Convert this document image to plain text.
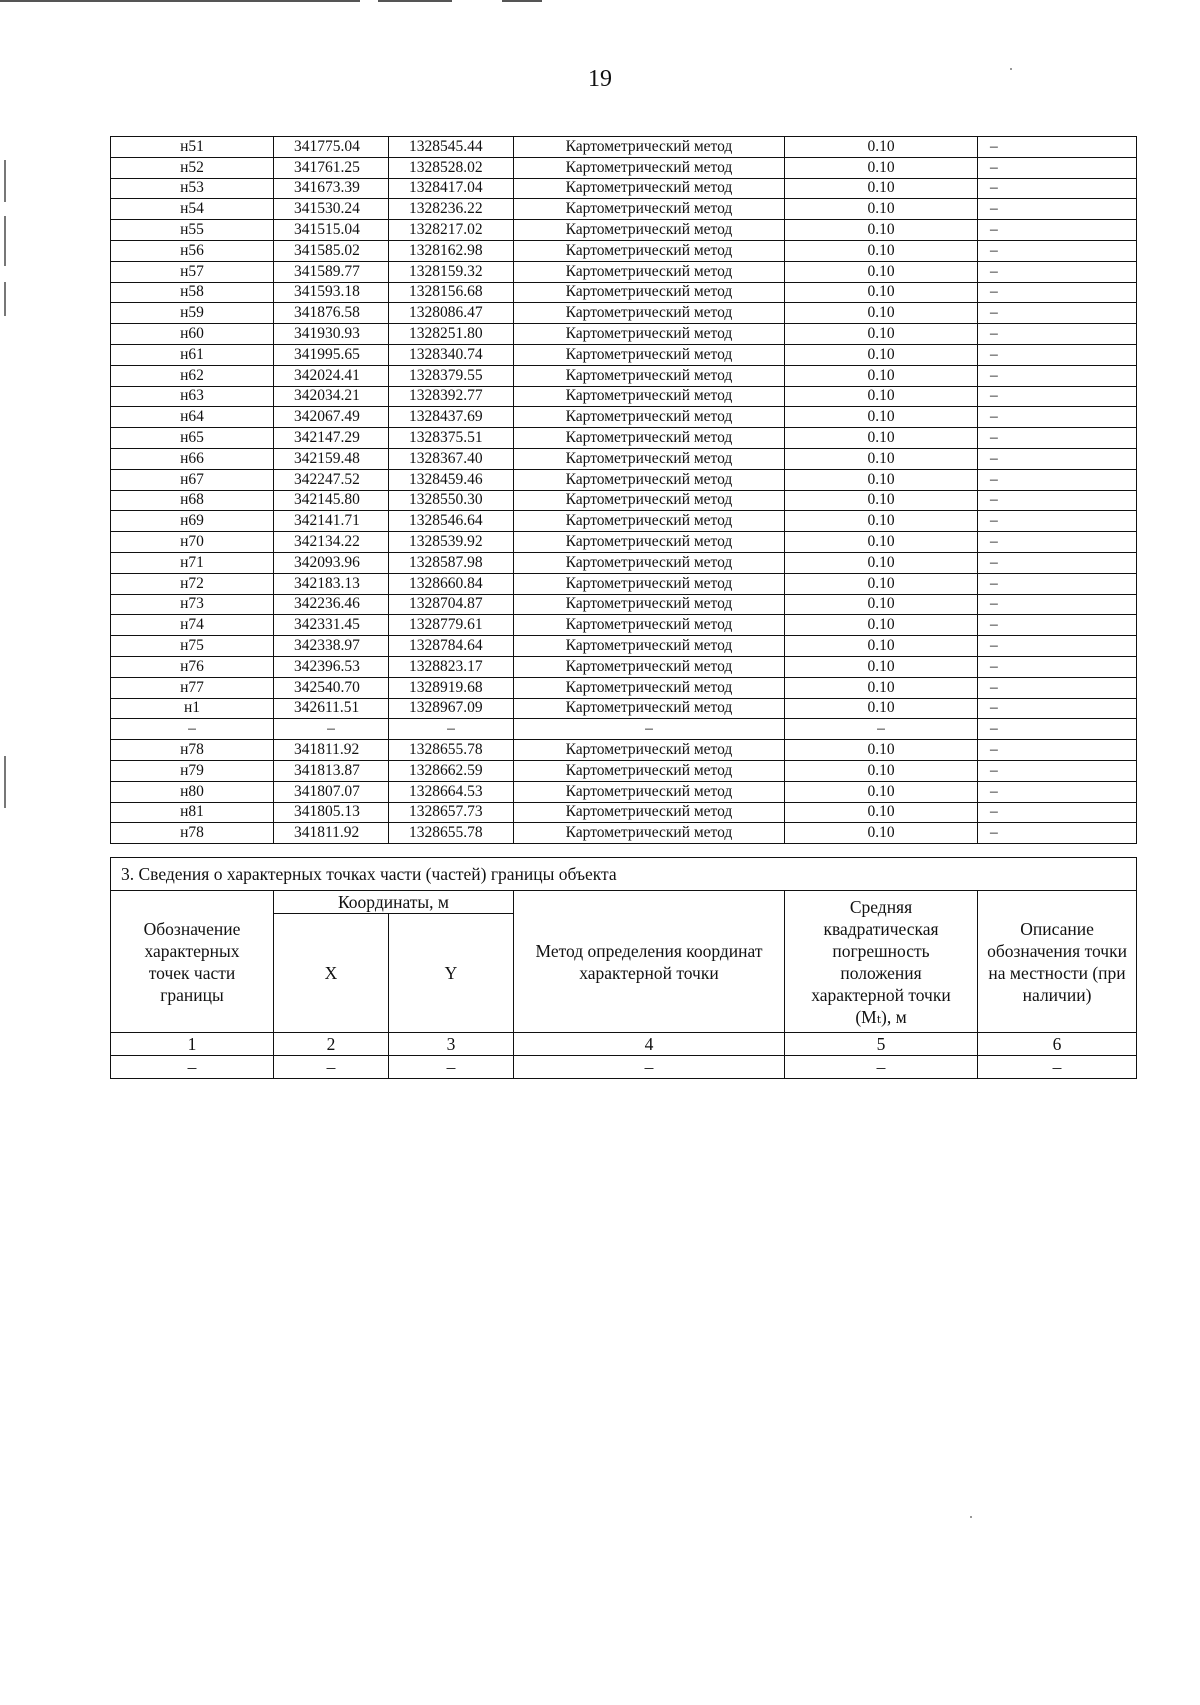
19
н51	341775.04	1328545.44	Картометрический метод	0.10	–
н52	341761.25	1328528.02	Картометрический метод	0.10	–
н53	341673.39	1328417.04	Картометрический метод	0.10	–
н54	341530.24	1328236.22	Картометрический метод	0.10	–
н55	341515.04	1328217.02	Картометрический метод	0.10	–
н56	341585.02	1328162.98	Картометрический метод	0.10	–
н57	341589.77	1328159.32	Картометрический метод	0.10	–
н58	341593.18	1328156.68	Картометрический метод	0.10	–
н59	341876.58	1328086.47	Картометрический метод	0.10	–
н60	341930.93	1328251.80	Картометрический метод	0.10	–
н61	341995.65	1328340.74	Картометрический метод	0.10	–
н62	342024.41	1328379.55	Картометрический метод	0.10	–
н63	342034.21	1328392.77	Картометрический метод	0.10	–
н64	342067.49	1328437.69	Картометрический метод	0.10	–
н65	342147.29	1328375.51	Картометрический метод	0.10	–
н66	342159.48	1328367.40	Картометрический метод	0.10	–
н67	342247.52	1328459.46	Картометрический метод	0.10	–
н68	342145.80	1328550.30	Картометрический метод	0.10	–
н69	342141.71	1328546.64	Картометрический метод	0.10	–
н70	342134.22	1328539.92	Картометрический метод	0.10	–
н71	342093.96	1328587.98	Картометрический метод	0.10	–
н72	342183.13	1328660.84	Картометрический метод	0.10	–
н73	342236.46	1328704.87	Картометрический метод	0.10	–
н74	342331.45	1328779.61	Картометрический метод	0.10	–
н75	342338.97	1328784.64	Картометрический метод	0.10	–
н76	342396.53	1328823.17	Картометрический метод	0.10	–
н77	342540.70	1328919.68	Картометрический метод	0.10	–
н1	342611.51	1328967.09	Картометрический метод	0.10	–
–	–	–	–	–	–
н78	341811.92	1328655.78	Картометрический метод	0.10	–
н79	341813.87	1328662.59	Картометрический метод	0.10	–
н80	341807.07	1328664.53	Картометрический метод	0.10	–
н81	341805.13	1328657.73	Картометрический метод	0.10	–
н78	341811.92	1328655.78	Картометрический метод	0.10	–
3. Сведения о характерных точках части (частей) границы объекта					
Обозначение характерных точек части границы	Координаты, м		Метод определения координат характерной точки	Средняя квадратическая погрешность положения характерной точки (Mₜ), м	Описание обозначения точки на местности (при наличии)
	X	Y			
1	2	3	4	5	6
–	–	–	–	–	–
